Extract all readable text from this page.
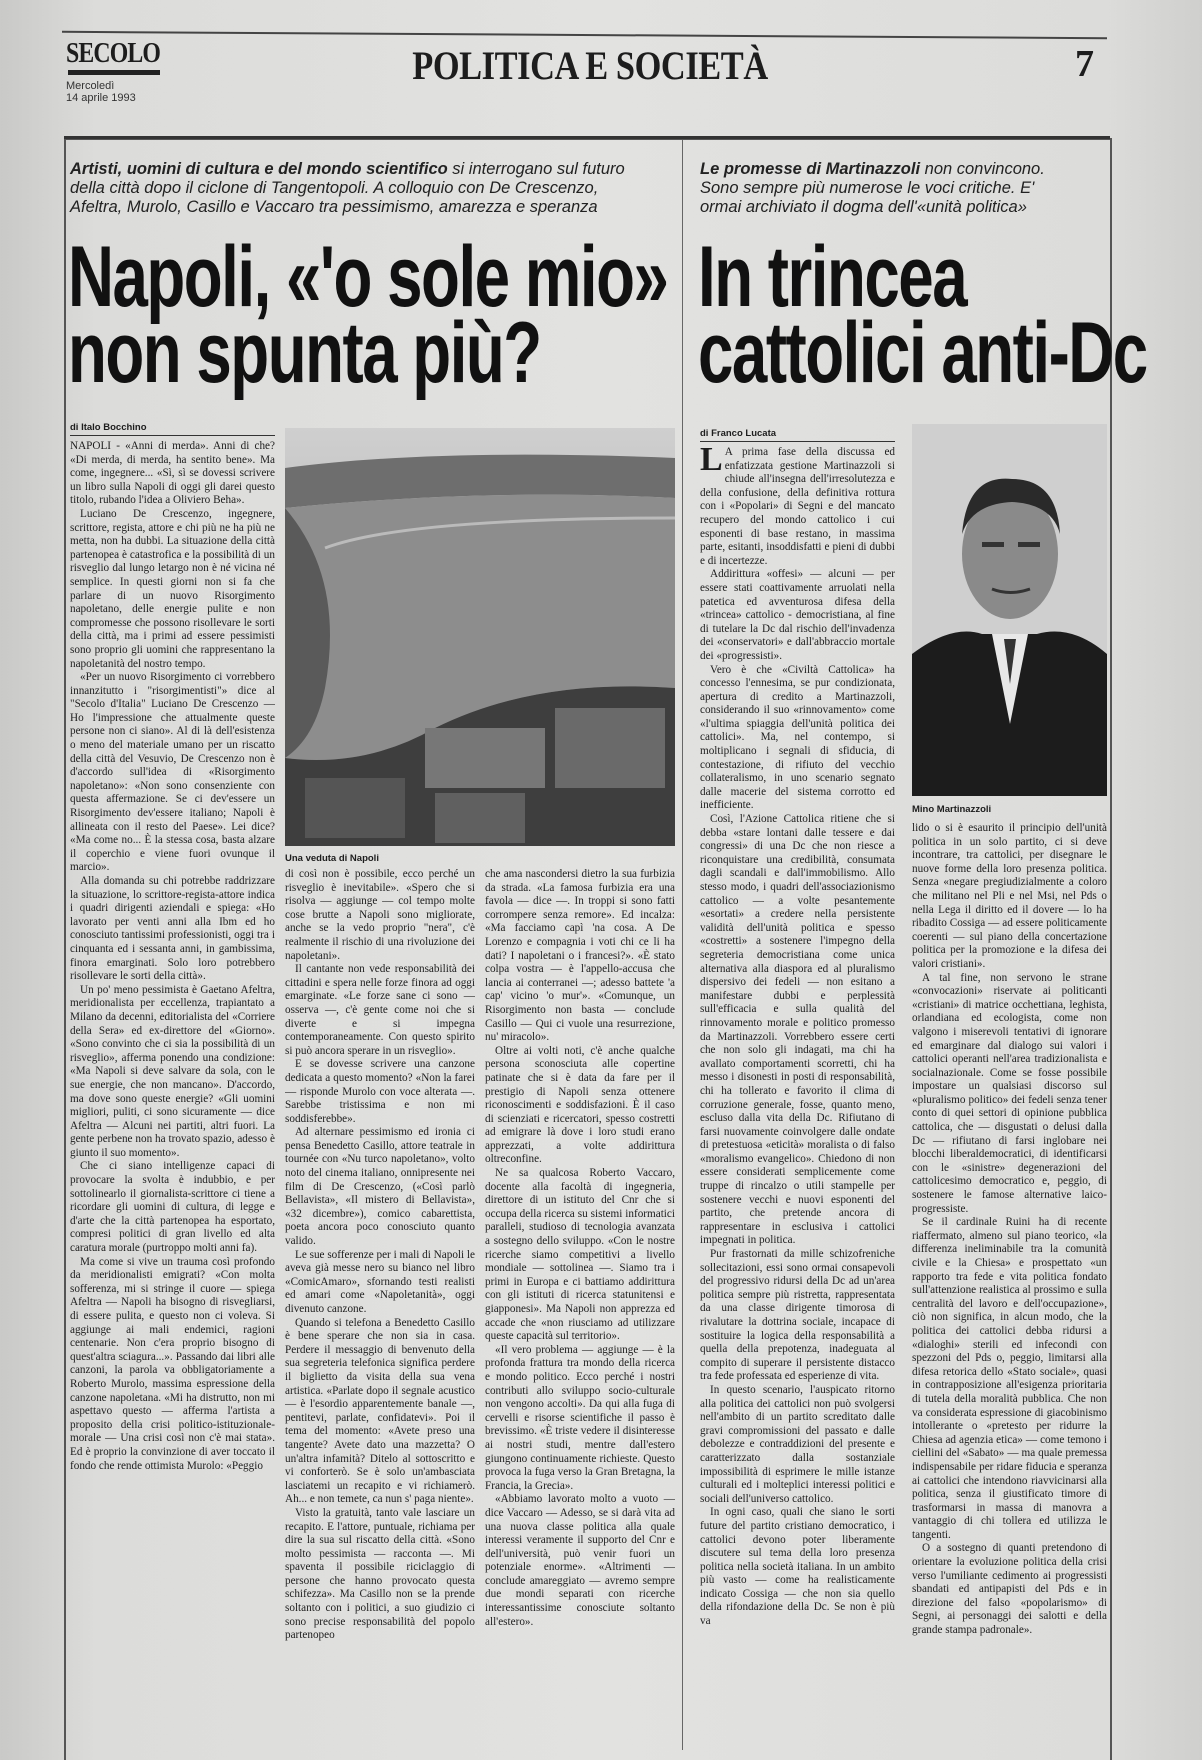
SECOLO
Mercoledì
14 aprile 1993
POLITICA E SOCIETÀ	7
Artisti, uomini di cultura e del mondo scientifico si interrogano sul futuro della città dopo il ciclone di Tangentopoli. A colloquio con De Crescenzo, Afeltra, Murolo, Casillo e Vaccaro tra pessimismo, amarezza e speranza
Napoli, «'o sole mio»
non spunta più?
di Italo Bocchino

NAPOLI - «Anni di merda». Anni di che? «Di merda, di merda, ha sentito bene». Ma come, ingegnere... «Sì, sì se dovessi scrivere un libro sulla Napoli di oggi gli darei questo titolo, rubando l'idea a Oliviero Beha».

Luciano De Crescenzo, ingegnere, scrittore, regista, attore e chi più ne ha più ne metta, non ha dubbi. La situazione della città partenopea è catastrofica e la possibilità di un risveglio dal lungo letargo non è né vicina né semplice. In questi giorni non si fa che parlare di un nuovo Risorgimento napoletano, delle energie pulite e non compromesse che possono risollevare le sorti della città, ma i primi ad essere pessimisti sono proprio gli uomini che rappresentano la napoletanità del nostro tempo.

«Per un nuovo Risorgimento ci vorrebbero innanzitutto i "risorgimentisti"» dice al "Secolo d'Italia" Luciano De Crescenzo — Ho l'impressione che attualmente queste persone non ci siano». Al di là dell'esistenza o meno del materiale umano per un riscatto della città del Vesuvio, De Crescenzo non è d'accordo sull'idea di «Risorgimento napoletano»: «Non sono consenziente con questa affermazione. Se ci dev'essere un Risorgimento dev'essere italiano; Napoli è allineata con il resto del Paese». Lei dice? «Ma come no... È la stessa cosa, basta alzare il coperchio e viene fuori ovunque il marcio».

Alla domanda su chi potrebbe raddrizzare la situazione, lo scrittore-regista-attore indica i quadri dirigenti aziendali e spiega: «Ho lavorato per venti anni alla Ibm ed ho conosciuto tantissimi professionisti, oggi tra i cinquanta ed i sessanta anni, in gambissima, finora emarginati. Solo loro potrebbero risollevare le sorti della città».

Un po' meno pessimista è Gaetano Afeltra, meridionalista per eccellenza, trapiantato a Milano da decenni, editorialista del «Corriere della Sera» ed ex-direttore del «Giorno». «Sono convinto che ci sia la possibilità di un risveglio», afferma ponendo una condizione: «Ma Napoli si deve salvare da sola, con le sue energie, che non mancano». D'accordo, ma dove sono queste energie? «Gli uomini migliori, puliti, ci sono sicuramente — dice Afeltra — Alcuni nei partiti, altri fuori. La gente perbene non ha trovato spazio, adesso è giunto il suo momento».

Che ci siano intelligenze capaci di provocare la svolta è indubbio, e per sottolinearlo il giornalista-scrittore ci tiene a ricordare gli uomini di cultura, di legge e d'arte che la città partenopea ha esportato, compresi politici di gran livello ed alta caratura morale (purtroppo molti anni fa).

Ma come si vive un trauma così profondo da meridionalisti emigrati? «Con molta sofferenza, mi si stringe il cuore — spiega Afeltra — Napoli ha bisogno di risvegliarsi, di essere pulita, e questo non ci voleva. Si aggiunge ai mali endemici, ragioni centenarie. Non c'era proprio bisogno di quest'altra sciagura...». Passando dai libri alle canzoni, la parola va obbligatoriamente a Roberto Murolo, massima espressione della canzone napoletana. «Mi ha distrutto, non mi aspettavo questo — afferma l'artista a proposito della crisi politico-istituzionale-morale — Una crisi così non c'è mai stata». Ed è proprio la convinzione di aver toccato il fondo che rende ottimista Murolo: «Peggio

Una veduta di Napoli

di così non è possibile, ecco perché un risveglio è inevitabile». «Spero che si risolva — aggiunge — col tempo molte cose brutte a Napoli sono migliorate, anche se la vedo proprio "nera", c'è realmente il rischio di una rivoluzione dei napoletani».

Il cantante non vede responsabilità dei cittadini e spera nelle forze finora ad oggi emarginate. «Le forze sane ci sono — osserva —, c'è gente come noi che si diverte e si impegna contemporaneamente. Con questo spirito si può ancora sperare in un risveglio».

E se dovesse scrivere una canzone dedicata a questo momento? «Non la farei — risponde Murolo con voce alterata —. Sarebbe tristissima e non mi soddisferebbe».

Ad alternare pessimismo ed ironia ci pensa Benedetto Casillo, attore teatrale in tournée con «Nu turco napoletano», volto noto del cinema italiano, onnipresente nei film di De Crescenzo, («Così parlò Bellavista», «Il mistero di Bellavista», «32 dicembre»), comico cabarettista, poeta ancora poco conosciuto quanto valido.

Le sue sofferenze per i mali di Napoli le aveva già messe nero su bianco nel libro «ComicAmaro», sfornando testi realisti ed amari come «Napoletanità», oggi divenuto canzone.

Quando si telefona a Benedetto Casillo è bene sperare che non sia in casa. Perdere il messaggio di benvenuto della sua segreteria telefonica significa perdere il biglietto da visita della sua vena artistica. «Parlate dopo il segnale acustico — è l'esordio apparentemente banale —, pentitevi, parlate, confidatevi». Poi il tema del momento: «Avete preso una tangente? Avete dato una mazzetta? O un'altra infamità? Ditelo al sottoscritto e vi conforterò. Se è solo un'ambasciata lasciatemi un recapito e vi richiamerò. Ah... e non temete, ca nun s' paga niente».

Visto la gratuità, tanto vale lasciare un recapito. E l'attore, puntuale, richiama per dire la sua sul riscatto della città. «Sono molto pessimista — racconta —. Mi spaventa il possibile riciclaggio di persone che hanno provocato questa schifezza». Ma Casillo non se la prende soltanto con i politici, a suo giudizio ci sono precise responsabilità del popolo partenopeo

che ama nascondersi dietro la sua furbizia da strada. «La famosa furbizia era una favola — dice —. In troppi si sono fatti corrompere senza remore». Ed incalza: «Ma facciamo capì 'na cosa. A De Lorenzo e compagnia i voti chi ce li ha dati? I napoletani o i francesi?». «È stato colpa vostra — è l'appello-accusa che lancia ai conterranei —; adesso battete 'a cap' vicino 'o mur'». «Comunque, un Risorgimento non basta — conclude Casillo — Qui ci vuole una resurrezione, nu' miracolo».

Oltre ai volti noti, c'è anche qualche persona sconosciuta alle copertine patinate che si è data da fare per il prestigio di Napoli senza ottenere riconoscimenti e soddisfazioni. È il caso di scienziati e ricercatori, spesso costretti ad emigrare là dove i loro studi erano apprezzati, a volte addirittura oltreconfine.

Ne sa qualcosa Roberto Vaccaro, docente alla facoltà di ingegneria, direttore di un istituto del Cnr che si occupa della ricerca su sistemi informatici paralleli, studioso di tecnologia avanzata a sostegno dello sviluppo. «Con le nostre ricerche siamo competitivi a livello mondiale — sottolinea —. Siamo tra i primi in Europa e ci battiamo addirittura con gli istituti di ricerca statunitensi e giapponesi». Ma Napoli non apprezza ed accade che «non riusciamo ad utilizzare queste capacità sul territorio».

«Il vero problema — aggiunge — è la profonda frattura tra mondo della ricerca e mondo politico. Ecco perché i nostri contributi allo sviluppo socio-culturale non vengono accolti». Da qui alla fuga di cervelli e risorse scientifiche il passo è brevissimo. «È triste vedere il disinteresse ai nostri studi, mentre dall'estero giungono continuamente richieste. Questo provoca la fuga verso la Gran Bretagna, la Francia, la Grecia».

«Abbiamo lavorato molto a vuoto — dice Vaccaro — Adesso, se si darà vita ad una nuova classe politica alla quale interessi veramente il supporto del Cnr e dell'università, può venir fuori un potenziale enorme». «Altrimenti — conclude amareggiato — avremo sempre due mondi separati con ricerche interessantissime conosciute soltanto all'estero».

Le promesse di Martinazzoli non convincono. Sono sempre più numerose le voci critiche. E' ormai archiviato il dogma dell'«unità politica»
In trincea
cattolici anti-Dc
di Franco Lucata
L A prima fase della discussa ed enfatizzata gestione Martinazzoli si chiude all'insegna dell'irresolutezza e della confusione, della definitiva rottura con i «Popolari» di Segni e del mancato recupero del mondo cattolico i cui esponenti di base restano, in massima parte, esitanti, insoddisfatti e pieni di dubbi e di incertezze.

Addirittura «offesi» — alcuni — per essere stati coattivamente arruolati nella patetica ed avventurosa difesa della «trincea» cattolico - democristiana, al fine di tutelare la Dc dal rischio dell'invadenza dei «conservatori» e dall'abbraccio mortale dei «progressisti».

Vero è che «Civiltà Cattolica» ha concesso l'ennesima, se pur condizionata, apertura di credito a Martinazzoli, considerando il suo «rinnovamento» come «l'ultima spiaggia dell'unità politica dei cattolici». Ma, nel contempo, si moltiplicano i segnali di sfiducia, di contestazione, di rifiuto del vecchio collateralismo, in uno scenario segnato dalle macerie del sistema corrotto ed inefficiente.

Così, l'Azione Cattolica ritiene che si debba «stare lontani dalle tessere e dai congressi» di una Dc che non riesce a riconquistare una credibilità, consumata dagli scandali e dall'immobilismo. Allo stesso modo, i quadri dell'associazionismo cattolico — a volte pesantemente «esortati» a credere nella persistente validità dell'unità politica e spesso «costretti» a sostenere l'impegno della segreteria democristiana come unica alternativa alla diaspora ed al pluralismo dispersivo dei fedeli — non esitano a manifestare dubbi e perplessità sull'efficacia e sulla qualità del rinnovamento morale e politico promesso da Martinazzoli. Vorrebbero essere certi che non solo gli indagati, ma chi ha avallato comportamenti scorretti, chi ha messo i disonesti in posti di responsabilità, chi ha tollerato e favorito il clima di corruzione generale, fosse, quanto meno, escluso dalla vita della Dc. Rifiutano di farsi nuovamente coinvolgere dalle ondate di pretestuosa «eticità» moralista o di falso «moralismo evangelico». Chiedono di non essere considerati semplicemente come truppe di rincalzo o utili stampelle per sostenere vecchi e nuovi esponenti del partito, che pretende ancora di rappresentare in esclusiva i cattolici impegnati in politica.

Pur frastornati da mille schizofreniche sollecitazioni, essi sono ormai consapevoli del progressivo ridursi della Dc ad un'area politica sempre più ristretta, rappresentata da una classe dirigente timorosa di rivalutare la dottrina sociale, incapace di sostituire la logica della responsabilità a quella della prepotenza, inadeguata al compito di superare il persistente distacco tra fede professata ed esperienze di vita.

In questo scenario, l'auspicato ritorno alla politica dei cattolici non può svolgersi nell'ambito di un partito screditato dalle gravi compromissioni del passato e dalle debolezze e contraddizioni del presente e caratterizzato dalla sostanziale impossibilità di esprimere le mille istanze culturali ed i molteplici interessi politici e sociali dell'universo cattolico.

In ogni caso, quali che siano le sorti future del partito cristiano democratico, i cattolici devono poter liberamente discutere sul tema della loro presenza politica nella società italiana. In un ambito più vasto — come ha realisticamente indicato Cossiga — che non sia quello della rifondazione della Dc. Se non è più va

Mino Martinazzoli

lido o si è esaurito il principio dell'unità politica in un solo partito, ci si deve incontrare, tra cattolici, per disegnare le nuove forme della loro presenza politica. Senza «negare pregiudizialmente a coloro che militano nel Pli e nel Msi, nel Pds o nella Lega il diritto ed il dovere — lo ha ribadito Cossiga — ad essere politicamente coerenti — sul piano della concertazione politica per la promozione e la difesa dei valori cristiani».

A tal fine, non servono le strane «convocazioni» riservate ai politicanti «cristiani» di matrice occhettiana, leghista, orlandiana ed ecologista, come non valgono i miserevoli tentativi di ignorare ed emarginare dal dialogo sui valori i cattolici operanti nell'area tradizionalista e socialnazionale. Come se fosse possibile impostare un qualsiasi discorso sul «pluralismo politico» dei fedeli senza tener conto di quei settori di opinione pubblica cattolica, che — disgustati o delusi dalla Dc — rifiutano di farsi inglobare nei blocchi liberaldemocratici, di identificarsi con le «sinistre» degenerazioni del cattolicesimo democratico e, peggio, di sostenere le famose alternative laico-progressiste.

Se il cardinale Ruini ha di recente riaffermato, almeno sul piano teorico, «la differenza ineliminabile tra la comunità civile e la Chiesa» e prospettato «un rapporto tra fede e vita politica fondato sull'attenzione realistica al prossimo e sulla centralità del lavoro e dell'occupazione», ciò non significa, in alcun modo, che la politica dei cattolici debba ridursi a «dialoghi» sterili ed infecondi con spezzoni del Pds o, peggio, limitarsi alla difesa retorica dello «Stato sociale», quasi in contrapposizione all'esigenza prioritaria di tutela della moralità pubblica. Che non va considerata espressione di giacobinismo intollerante o «pretesto per ridurre la Chiesa ad agenzia etica» — come temono i ciellini del «Sabato» — ma quale premessa indispensabile per ridare fiducia e speranza ai cattolici che intendono riavvicinarsi alla politica, senza il giustificato timore di trasformarsi in massa di manovra a vantaggio di chi tollera ed utilizza le tangenti.

O a sostegno di quanti pretendono di orientare la evoluzione politica della crisi verso l'umiliante cedimento ai progressisti sbandati ed antipapisti del Pds e in direzione del falso «popolarismo» di Segni, ai personaggi dei salotti e della grande stampa padronale».
